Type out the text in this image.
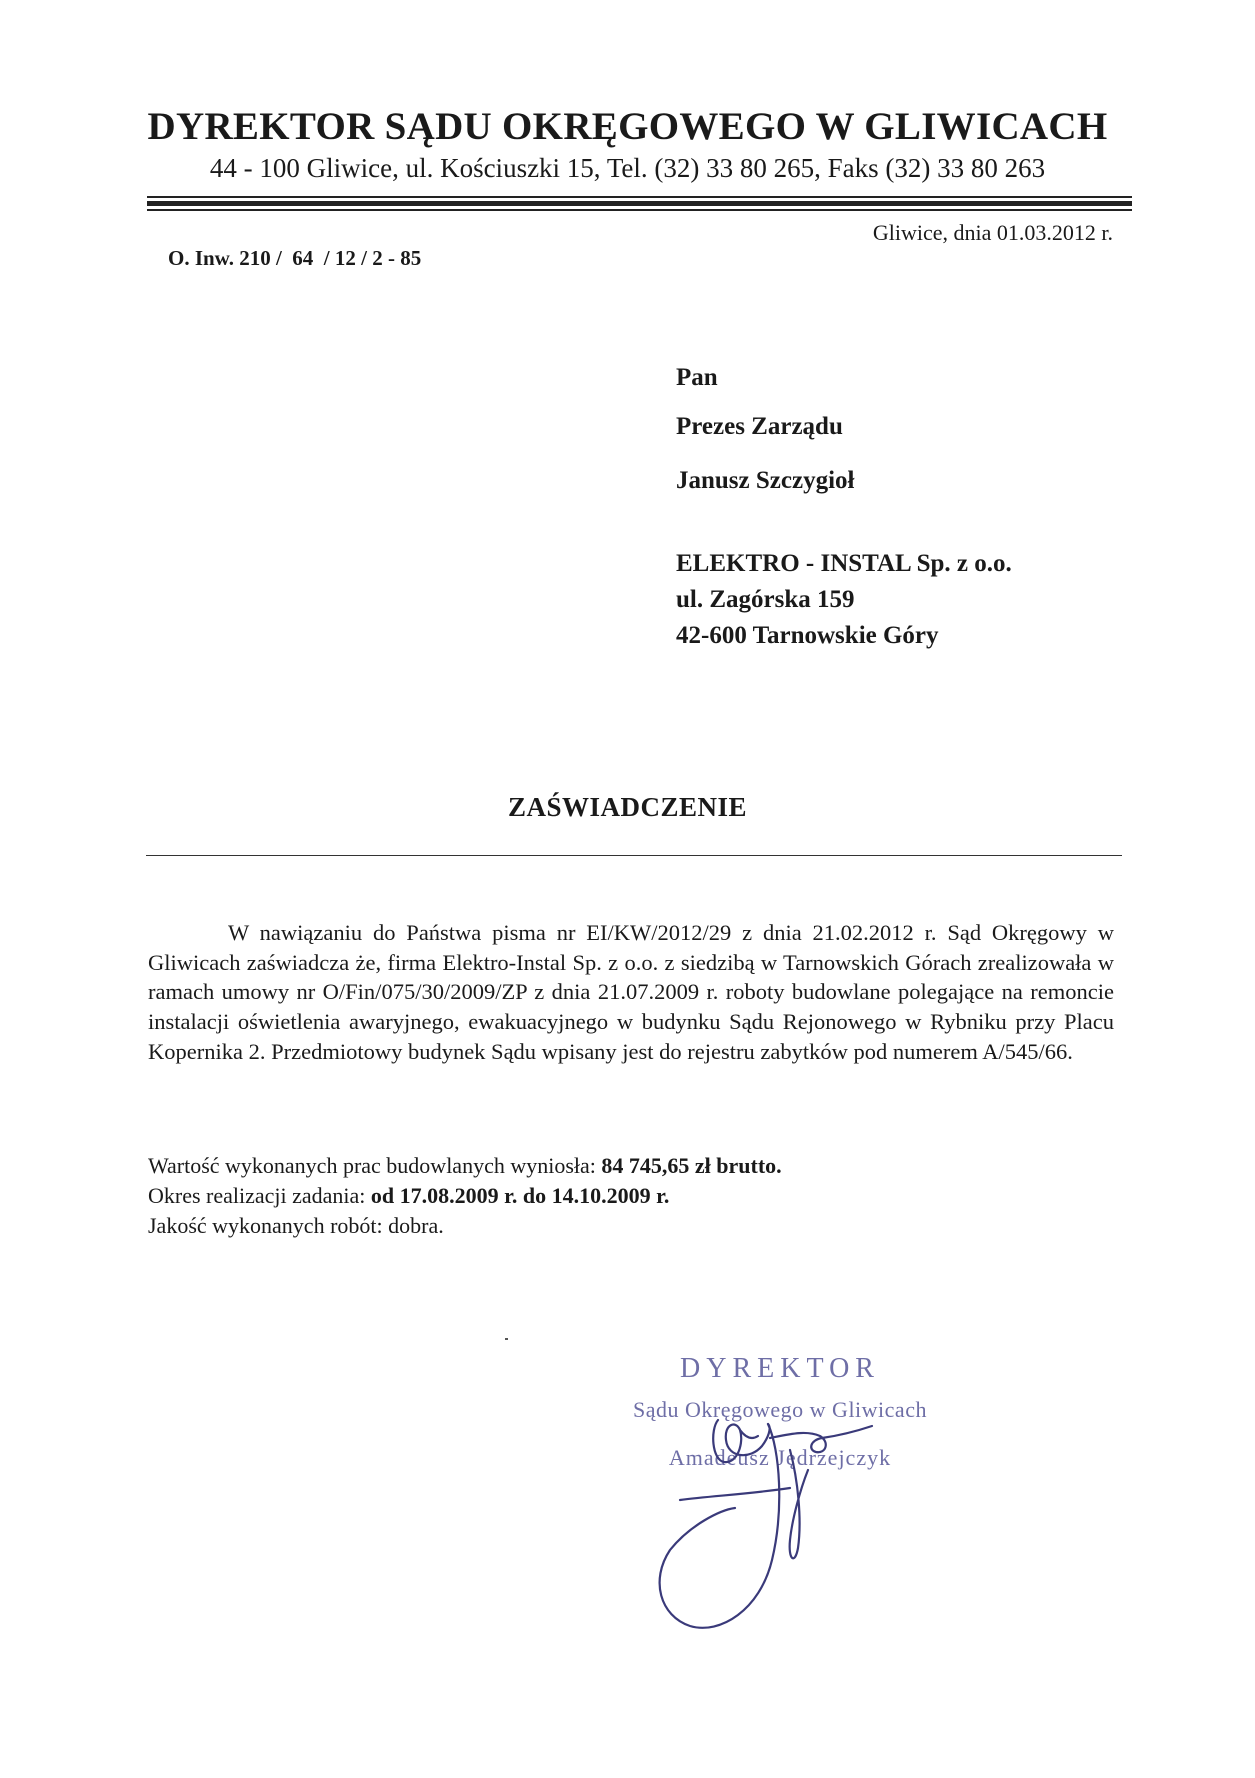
DYREKTOR SĄDU OKRĘGOWEGO W GLIWICACH
44 - 100 Gliwice, ul. Kościuszki 15, Tel. (32) 33 80 265, Faks (32) 33 80 263
O. Inw. 210 /  64  / 12 / 2 - 85
Gliwice, dnia 01.03.2012 r.
Pan
Prezes Zarządu
Janusz Szczygioł
ELEKTRO - INSTAL Sp. z o.o.
ul. Zagórska 159
42-600 Tarnowskie Góry
ZAŚWIADCZENIE

W nawiązaniu do Państwa pisma nr EI/KW/2012/29 z dnia 21.02.2012 r. Sąd Okręgowy w Gliwicach zaświadcza że, firma Elektro-Instal Sp. z o.o. z siedzibą w Tarnowskich Górach zrealizowała w ramach umowy nr O/Fin/075/30/2009/ZP z dnia 21.07.2009 r. roboty budowlane polegające na remoncie instalacji oświetlenia awaryjnego, ewakuacyjnego w budynku Sądu Rejonowego w Rybniku przy Placu Kopernika 2. Przedmiotowy budynek Sądu wpisany jest do rejestru zabytków pod numerem A/545/66.

Wartość wykonanych prac budowlanych wyniosła: 84 745,65 zł brutto.
Okres realizacji zadania: od 17.08.2009 r. do 14.10.2009 r.
Jakość wykonanych robót: dobra.
DYREKTOR
Sądu Okręgowego w Gliwicach
Amadeusz Jędrzejczyk
